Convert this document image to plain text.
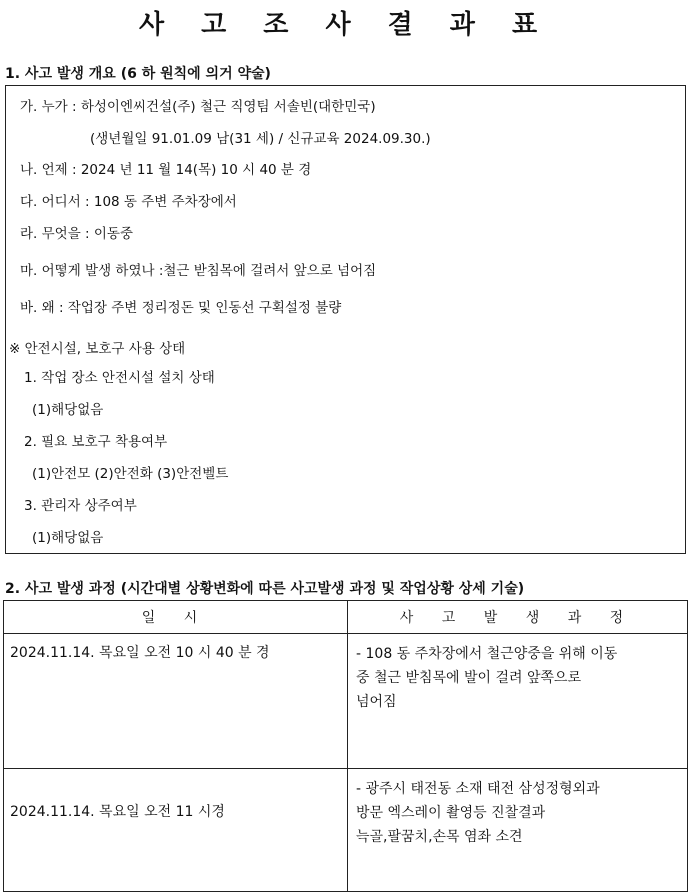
사 고 조 사 결 과 표
1. 사고 발생 개요 (6 하 원칙에 의거 약술)
가. 누가 : 하성이엔씨건설(주) 철근 직영팀 서솔빈(대한민국)
(생년월일 91.01.09 남(31 세) / 신규교육 2024.09.30.)
나. 언제 : 2024 년 11 월 14(목) 10 시 40 분 경
다. 어디서 : 108 동 주변 주차장에서
라. 무엇을 : 이동중
마. 어떻게 발생 하였나 :철근 받침목에 걸려서 앞으로 넘어짐
바. 왜 : 작업장 주변 정리정돈 및 인동선 구획설정 불량
※ 안전시설, 보호구 사용 상태
1. 작업 장소 안전시설 설치 상태
(1)해당없음
2. 필요 보호구 착용여부
(1)안전모 (2)안전화 (3)안전벨트
3. 관리자 상주여부
(1)해당없음
2. 사고 발생 과정 (시간대별 상황변화에 따른 사고발생 과정 및 작업상황 상세 기술)
일 시	사 고 발 생 과 정
2024.11.14. 목요일 오전 10 시 40 분 경	- 108 동 주차장에서 철근양중을 위해 이동
중 철근 받침목에 발이 걸려 앞쪽으로
넘어짐

2024.11.14. 목요일 오전 11 시경	- 광주시 태전동 소재 태전 삼성정형외과
방문 엑스레이 촬영등 진찰결과
늑골,팔꿈치,손목 염좌 소견
